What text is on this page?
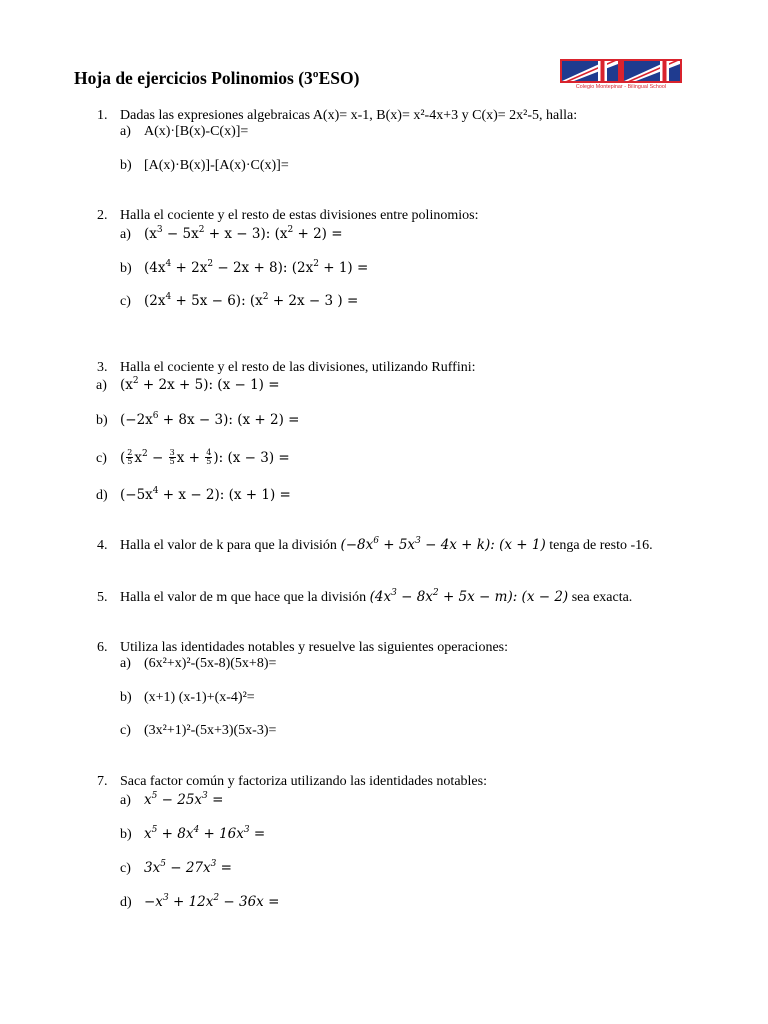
Hoja de ejercicios Polinomios (3ºESO)	Colegio Montepinar - Bilingual School
1. Dadas las expresiones algebraicas A(x)= x-1, B(x)= x²-4x+3 y C(x)= 2x²-5, halla:
a) A(x)·[B(x)-C(x)]=
b) [A(x)·B(x)]-[A(x)·C(x)]=
2. Halla el cociente y el resto de estas divisiones entre polinomios:
a) $(x^3 - 5x^2 + x - 3)$: $(x^2 + 2)$ =
b) $(4x^4 + 2x^2 - 2x + 8)$: $(2x^2 + 1)$ =
c) $(2x^4 + 5x - 6)$: ($x^2 + 2x - 3$ ) =
3. Halla el cociente y el resto de las divisiones, utilizando Ruffini:
a) $(x^2 + 2x + 5)$: (x − 1) =
b) $(-2x^6 + 8x - 3)$: (x + 2) =
c) ( $\frac{2}{5} x^2 - \frac{3}{5}$ $x + \frac{4}{5}$ ): (x − 3) =
d) $(-5x^4 + x - 2)$: (x + 1) =
4. Halla el valor de k para que la división $(-8x^6 + 5x^3 - 4x + k)$: (x + 1) tenga de resto -16.
5. Halla el valor de m que hace que la división $(4x^3 - 8x^2 + 5x - m)$: (x − 2) sea exacta.
6. Utiliza las identidades notables y resuelve las siguientes operaciones:
a) (6x²+x)²-(5x-8)(5x+8)=
b) (x+1) (x-1)+(x-4)²=
c) (3x²+1)²-(5x+3)(5x-3)=
7. Saca factor común y factoriza utilizando las identidades notables:
a) $x^5 - 25x^3$ =
b) $x^5 + 8x^4 + 16x^3$ =
c) $3x^5 - 27x^3$ =
$d) -x^3 + 12x^2 - 36x$ =
